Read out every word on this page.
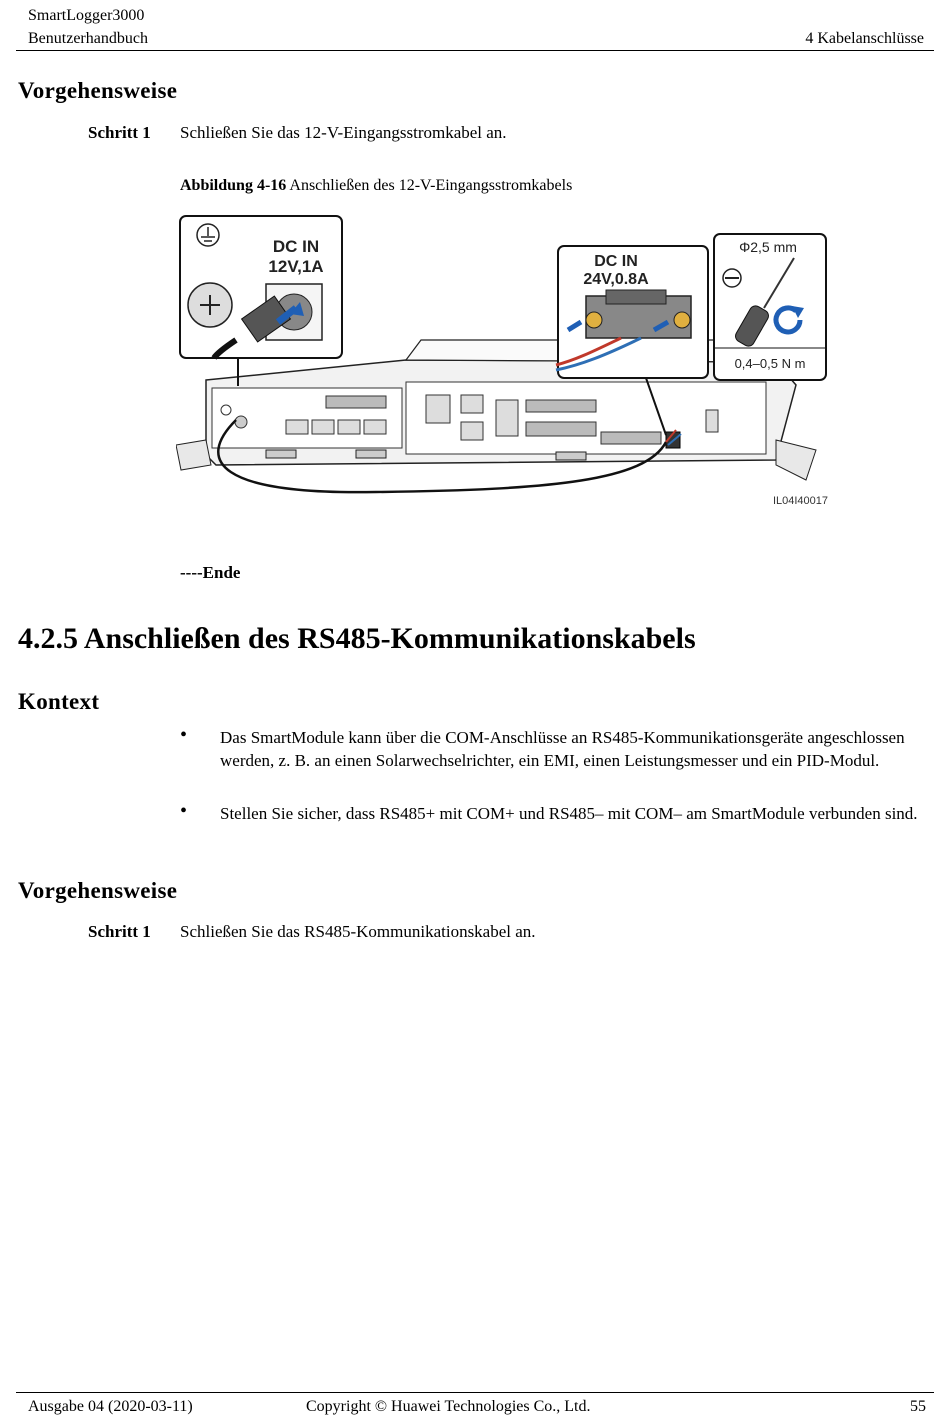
SmartLogger3000
Benutzerhandbuch	4 Kabelanschlüsse
Vorgehensweise
Schritt 1 Schließen Sie das 12-V-Eingangsstromkabel an.
Abbildung 4-16 Anschließen des 12-V-Eingangsstromkabels
DC IN
12V,1A	DC IN
24V,0.8A
Φ2,5 mm
0,4–0,5 N m
IL04I40017
----Ende
4.2.5 Anschließen des RS485-Kommunikationskabels
Kontext
• Das SmartModule kann über die COM-Anschlüsse an RS485-Kommunikationsgeräte angeschlossen werden, z. B. an einen Solarwechselrichter, ein EMI, einen Leistungsmesser und ein PID-Modul.
• Stellen Sie sicher, dass RS485+ mit COM+ und RS485– mit COM– am SmartModule verbunden sind.
Vorgehensweise
Schritt 1 Schließen Sie das RS485-Kommunikationskabel an.
Ausgabe 04 (2020-03-11)	Copyright © Huawei Technologies Co., Ltd.	55
